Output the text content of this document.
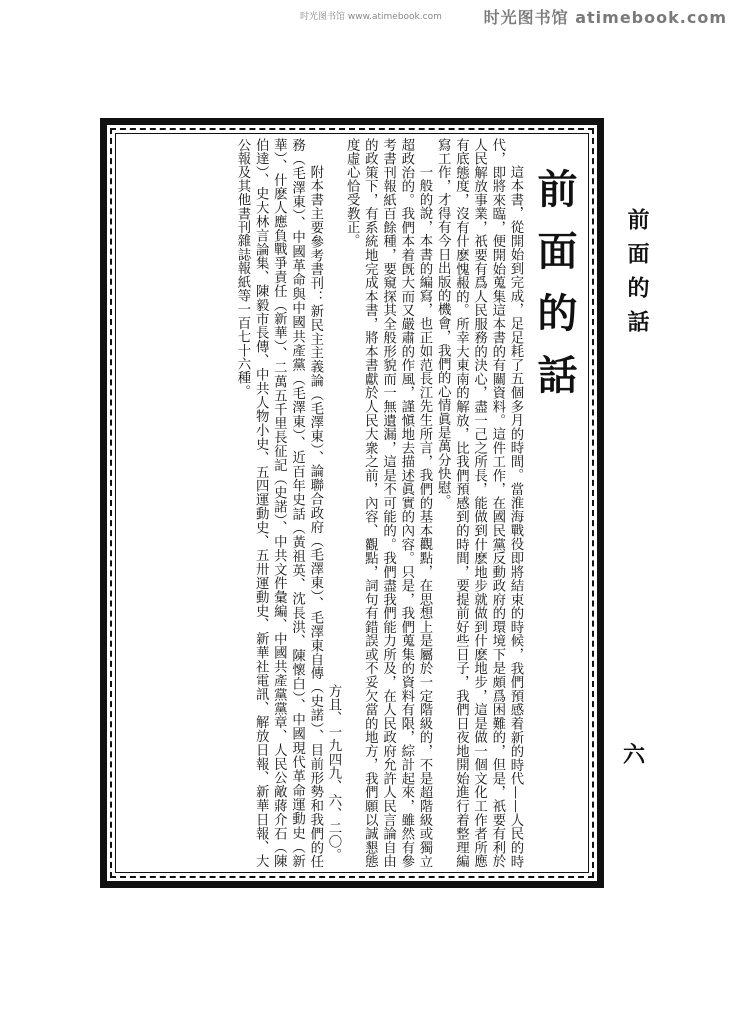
时光图书馆 www.atimebook.com	时光图书馆 atimebook.com
前面的話
六

前面的話

這本書，從開始到完成，足足耗了五個多月的時間。當淮海戰役即將結束的時候，我們預感着新的時代——人民的時代，即將來臨，便開始蒐集這本書的有關資料。這件工作，在國民黨反動政府的環境下是頗爲困難的，但是，祇要有利於人民解放事業，祇要有爲人民服務的決心，盡一己之所長，能做到什麽地步就做到什麽地步，這是做一個文化工作者所應有底態度，沒有什麽愧赧的。所幸大東南的解放，比我們預感到的時間，要提前好些日子，我們日夜地開始進行着整理編寫工作，才得有今日出版的機會，我們的心情眞是萬分快慰。

一般的說，本書的編寫，也正如范長江先生所言，我們的基本觀點，在思想上是屬於一定階級的，不是超階級或獨立超政治的。我們本着旣大而又嚴肅的作風，謹愼地去描述眞實的內容。只是，我們蒐集的資料有限，綜計起來，雖然有參考書刊報紙百餘種，要窺探其全般形貌而一無遺漏，這是不可能的。我們盡我們能力所及，在人民政府允許人民言論自由的政策下，有系統地完成本書，將本書獻於人民大衆之前，內容、觀點，詞句有錯誤或不妥欠當的地方，我們願以誠懇態度虛心恰受教正。

方且、一九四九、六、二〇。

附本書主要參考書刊：新民主主義論（毛澤東）、論聯合政府（毛澤東）、毛澤東自傳（史諾）、目前形勢和我們的任務（毛澤東）、中國革命與中國共產黨（毛澤東）、近百年史話（黃祖英、沈長洪、陳懷白）、中國現代革命運動史（新華）、什麽人應負戰爭責任（新華）、二萬五千里長征記（史諾）、中共文件彙編、中國共產黨黨章、人民公敵蔣介石（陳伯達）、史大林言論集、陳毅市長傳、中共人物小史、五四運動史、五卅運動史、新華社電訊、解放日報、新華日報、大公報及其他書刊雜誌報紙等一百七十六種。
